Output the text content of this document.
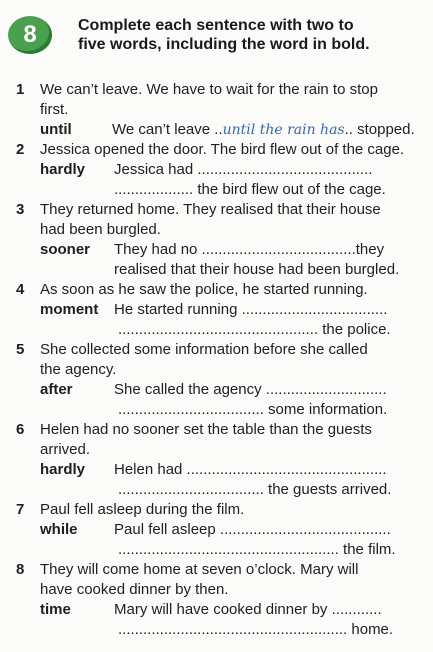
8	Complete each sentence with two to
five words, including the word in bold.
1	We can’t leave. We have to wait for the rain to stop
first.
until	We can’t leave ..until the rain has.. stopped.
2	Jessica opened the door. The bird flew out of the cage.
hardly Jessica had ..........................................
................... the bird flew out of the cage.
3	They returned home. They realised that their house
had been burgled.
sooner They had no .....................................they
realised that their house had been burgled.
4	As soon as he saw the police, he started running.
moment He started running ...................................
................................................ the police.
5	She collected some information before she called
the agency.
after	She called the agency .............................
................................... some information.
6	Helen had no sooner set the table than the guests
arrived.
hardly Helen had ................................................
................................... the guests arrived.
7	Paul fell asleep during the film.
while Paul fell asleep .........................................
..................................................... the film.
8	They will come home at seven o’clock. Mary will
have cooked dinner by then.
time	Mary will have cooked dinner by ............
....................................................... home.
